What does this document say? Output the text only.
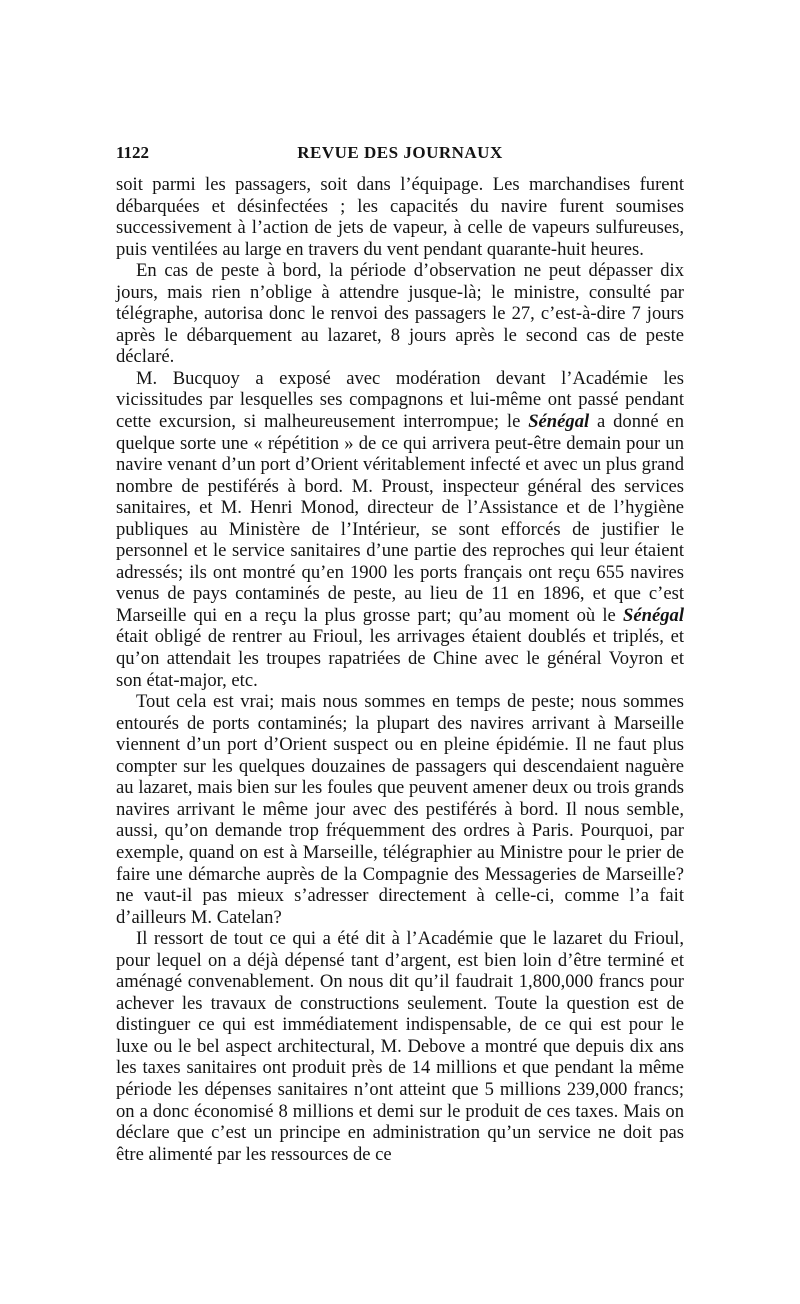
1122	REVUE DES JOURNAUX

soit parmi les passagers, soit dans l’équipage. Les marchandises furent débarquées et désinfectées ; les capacités du navire furent soumises successivement à l’action de jets de vapeur, à celle de vapeurs sulfureuses, puis ventilées au large en travers du vent pendant quarante-huit heures.

En cas de peste à bord, la période d’observation ne peut dépasser dix jours, mais rien n’oblige à attendre jusque-là; le ministre, consulté par télégraphe, autorisa donc le renvoi des passagers le 27, c’est-à-dire 7 jours après le débarquement au lazaret, 8 jours après le second cas de peste déclaré.

M. Bucquoy a exposé avec modération devant l’Académie les vicissitudes par lesquelles ses compagnons et lui-même ont passé pendant cette excursion, si malheureusement interrompue; le Sénégal a donné en quelque sorte une « répétition » de ce qui arrivera peut-être demain pour un navire venant d’un port d’Orient véritablement infecté et avec un plus grand nombre de pestiférés à bord. M. Proust, inspecteur général des services sanitaires, et M. Henri Monod, directeur de l’Assistance et de l’hygiène publiques au Ministère de l’Intérieur, se sont efforcés de justifier le personnel et le service sanitaires d’une partie des reproches qui leur étaient adressés; ils ont montré qu’en 1900 les ports français ont reçu 655 navires venus de pays contaminés de peste, au lieu de 11 en 1896, et que c’est Marseille qui en a reçu la plus grosse part; qu’au moment où le Sénégal était obligé de rentrer au Frioul, les arrivages étaient doublés et triplés, et qu’on attendait les troupes rapatriées de Chine avec le général Voyron et son état-major, etc.

Tout cela est vrai; mais nous sommes en temps de peste; nous sommes entourés de ports contaminés; la plupart des navires arrivant à Marseille viennent d’un port d’Orient suspect ou en pleine épidémie. Il ne faut plus compter sur les quelques douzaines de passagers qui descendaient naguère au lazaret, mais bien sur les foules que peuvent amener deux ou trois grands navires arrivant le même jour avec des pestiférés à bord. Il nous semble, aussi, qu’on demande trop fréquemment des ordres à Paris. Pourquoi, par exemple, quand on est à Marseille, télégraphier au Ministre pour le prier de faire une démarche auprès de la Compagnie des Messageries de Marseille? ne vaut-il pas mieux s’adresser directement à celle-ci, comme l’a fait d’ailleurs M. Catelan?

Il ressort de tout ce qui a été dit à l’Académie que le lazaret du Frioul, pour lequel on a déjà dépensé tant d’argent, est bien loin d’être terminé et aménagé convenablement. On nous dit qu’il faudrait 1,800,000 francs pour achever les travaux de constructions seulement. Toute la question est de distinguer ce qui est immédiatement indispensable, de ce qui est pour le luxe ou le bel aspect architectural, M. Debove a montré que depuis dix ans les taxes sanitaires ont produit près de 14 millions et que pendant la même période les dépenses sanitaires n’ont atteint que 5 millions 239,000 francs; on a donc économisé 8 millions et demi sur le produit de ces taxes. Mais on déclare que c’est un principe en administration qu’un service ne doit pas être alimenté par les ressources de ce
